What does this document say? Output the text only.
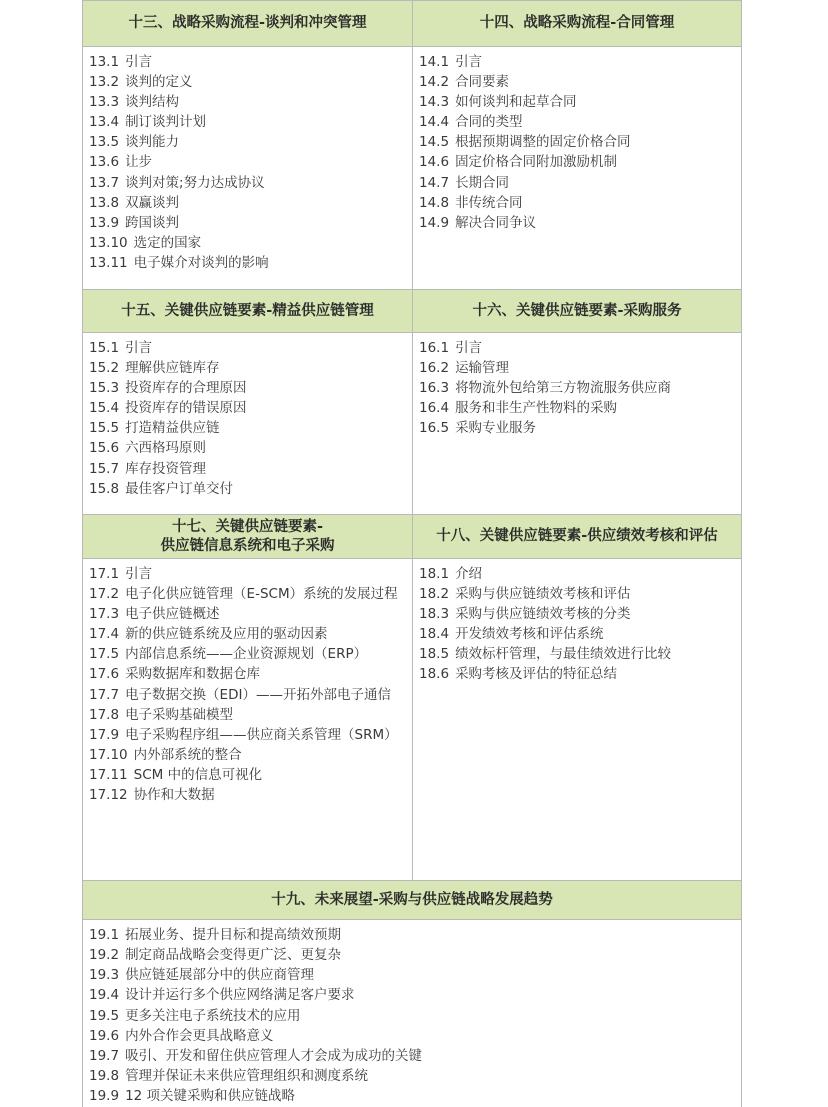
十三、战略采购流程-谈判和冲突管理
13.1 引言
13.2 谈判的定义
13.3 谈判结构
13.4 制订谈判计划
13.5 谈判能力
13.6 让步
13.7 谈判对策;努力达成协议
13.8 双赢谈判
13.9 跨国谈判
13.10 选定的国家
13.11 电子媒介对谈判的影响
十四、战略采购流程-合同管理
14.1 引言
14.2 合同要素
14.3 如何谈判和起草合同
14.4 合同的类型
14.5 根据预期调整的固定价格合同
14.6 固定价格合同附加激励机制
14.7 长期合同
14.8 非传统合同
14.9 解决合同争议
十五、关键供应链要素-精益供应链管理
15.1 引言
15.2 理解供应链库存
15.3 投资库存的合理原因
15.4 投资库存的错误原因
15.5 打造精益供应链
15.6 六西格玛原则
15.7 库存投资管理
15.8 最佳客户订单交付
十六、关键供应链要素-采购服务
16.1 引言
16.2 运输管理
16.3 将物流外包给第三方物流服务供应商
16.4 服务和非生产性物料的采购
16.5 采购专业服务
十七、关键供应链要素-
供应链信息系统和电子采购
17.1 引言
17.2 电子化供应链管理（E-SCM）系统的发展过程
17.3 电子供应链概述
17.4 新的供应链系统及应用的驱动因素
17.5 内部信息系统——企业资源规划（ERP）
17.6 采购数据库和数据仓库
17.7 电子数据交换（EDI）——开拓外部电子通信
17.8 电子采购基础模型
17.9 电子采购程序组——供应商关系管理（SRM）
17.10 内外部系统的整合
17.11 SCM 中的信息可视化
17.12 协作和大数据
十八、关键供应链要素-供应绩效考核和评估
18.1 介绍
18.2 采购与供应链绩效考核和评估
18.3 采购与供应链绩效考核的分类
18.4 开发绩效考核和评估系统
18.5 绩效标杆管理，与最佳绩效进行比较
18.6 采购考核及评估的特征总结
十九、未来展望-采购与供应链战略发展趋势
19.1 拓展业务、提升目标和提高绩效预期
19.2 制定商品战略会变得更广泛、更复杂
19.3 供应链延展部分中的供应商管理
19.4 设计并运行多个供应网络满足客户要求
19.5 更多关注电子系统技术的应用
19.6 内外合作会更具战略意义
19.7 吸引、开发和留住供应管理人才会成为成功的关键
19.8 管理并保证未来供应管理组织和测度系统
19.9 12 项关键采购和供应链战略
